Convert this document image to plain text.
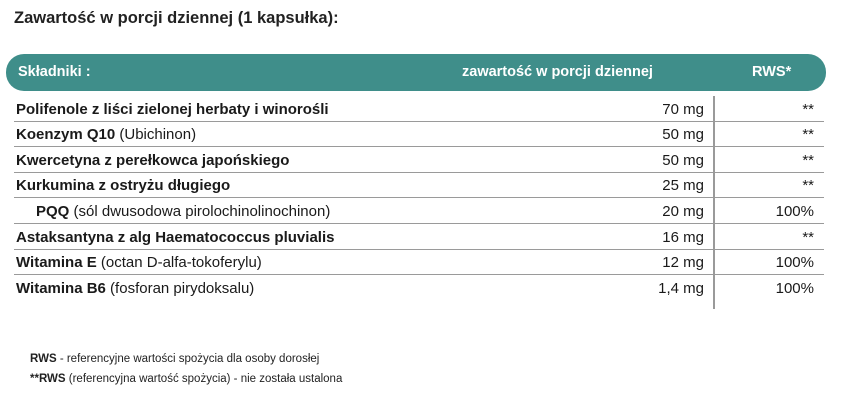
Zawartość w porcji dziennej (1 kapsułka):
Składniki :	zawartość w porcji dziennej	RWS*
Polifenole z liści zielonej herbaty i winorośli	70 mg	**
Koenzym Q10 (Ubichinon)	50 mg	**
Kwercetyna z perełkowca japońskiego	50 mg	**
Kurkumina z ostryżu długiego	25 mg	**
PQQ (sól dwusodowa pirolochinolinochinon)	20 mg	100%
Astaksantyna z alg Haematococcus pluvialis	16 mg	**
Witamina E (octan D-alfa-tokoferylu)	12 mg	100%
Witamina B6 (fosforan pirydoksalu)	1,4 mg	100%
RWS - referencyjne wartości spożycia dla osoby dorosłej
**RWS (referencyjna wartość spożycia) - nie została ustalona
